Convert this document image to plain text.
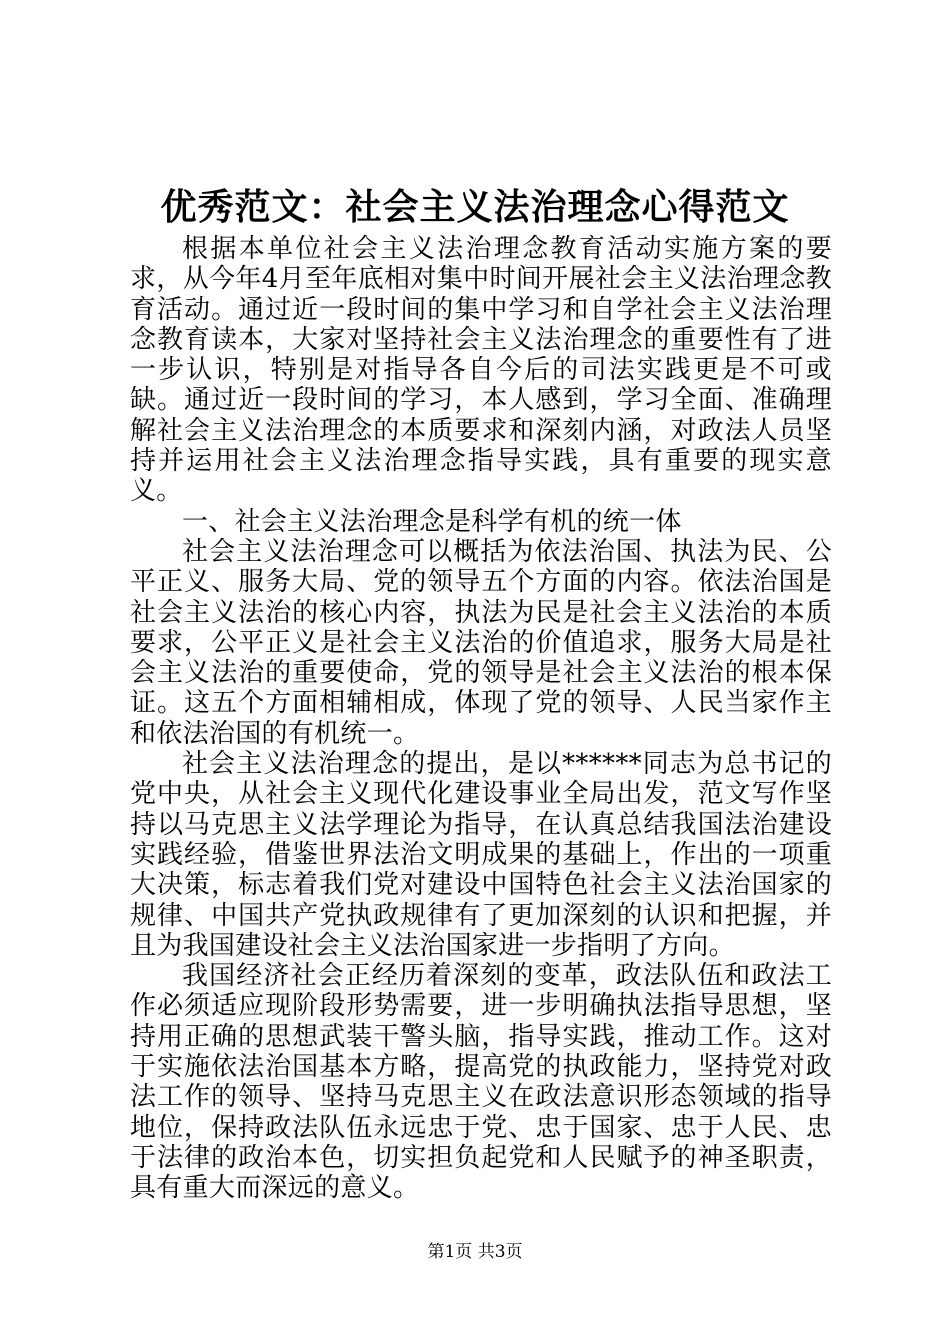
优秀范文：社会主义法治理念心得范文

根据本单位社会主义法治理念教育活动实施方案的要求，从今年4月至年底相对集中时间开展社会主义法治理念教育活动。通过近一段时间的集中学习和自学社会主义法治理念教育读本，大家对坚持社会主义法治理念的重要性有了进一步认识，特别是对指导各自今后的司法实践更是不可或缺。通过近一段时间的学习，本人感到，学习全面、准确理解社会主义法治理念的本质要求和深刻内涵，对政法人员坚持并运用社会主义法治理念指导实践，具有重要的现实意义。

一、社会主义法治理念是科学有机的统一体

社会主义法治理念可以概括为依法治国、执法为民、公平正义、服务大局、党的领导五个方面的内容。依法治国是社会主义法治的核心内容，执法为民是社会主义法治的本质要求，公平正义是社会主义法治的价值追求，服务大局是社会主义法治的重要使命，党的领导是社会主义法治的根本保证。这五个方面相辅相成，体现了党的领导、人民当家作主和依法治国的有机统一。

社会主义法治理念的提出，是以******同志为总书记的党中央，从社会主义现代化建设事业全局出发，范文写作坚持以马克思主义法学理论为指导，在认真总结我国法治建设实践经验，借鉴世界法治文明成果的基础上，作出的一项重大决策，标志着我们党对建设中国特色社会主义法治国家的规律、中国共产党执政规律有了更加深刻的认识和把握，并且为我国建设社会主义法治国家进一步指明了方向。

我国经济社会正经历着深刻的变革，政法队伍和政法工作必须适应现阶段形势需要，进一步明确执法指导思想，坚持用正确的思想武装干警头脑，指导实践，推动工作。这对于实施依法治国基本方略，提高党的执政能力，坚持党对政法工作的领导、坚持马克思主义在政法意识形态领域的指导地位，保持政法队伍永远忠于党、忠于国家、忠于人民、忠于法律的政治本色，切实担负起党和人民赋予的神圣职责，具有重大而深远的意义。

第1页 共3页
